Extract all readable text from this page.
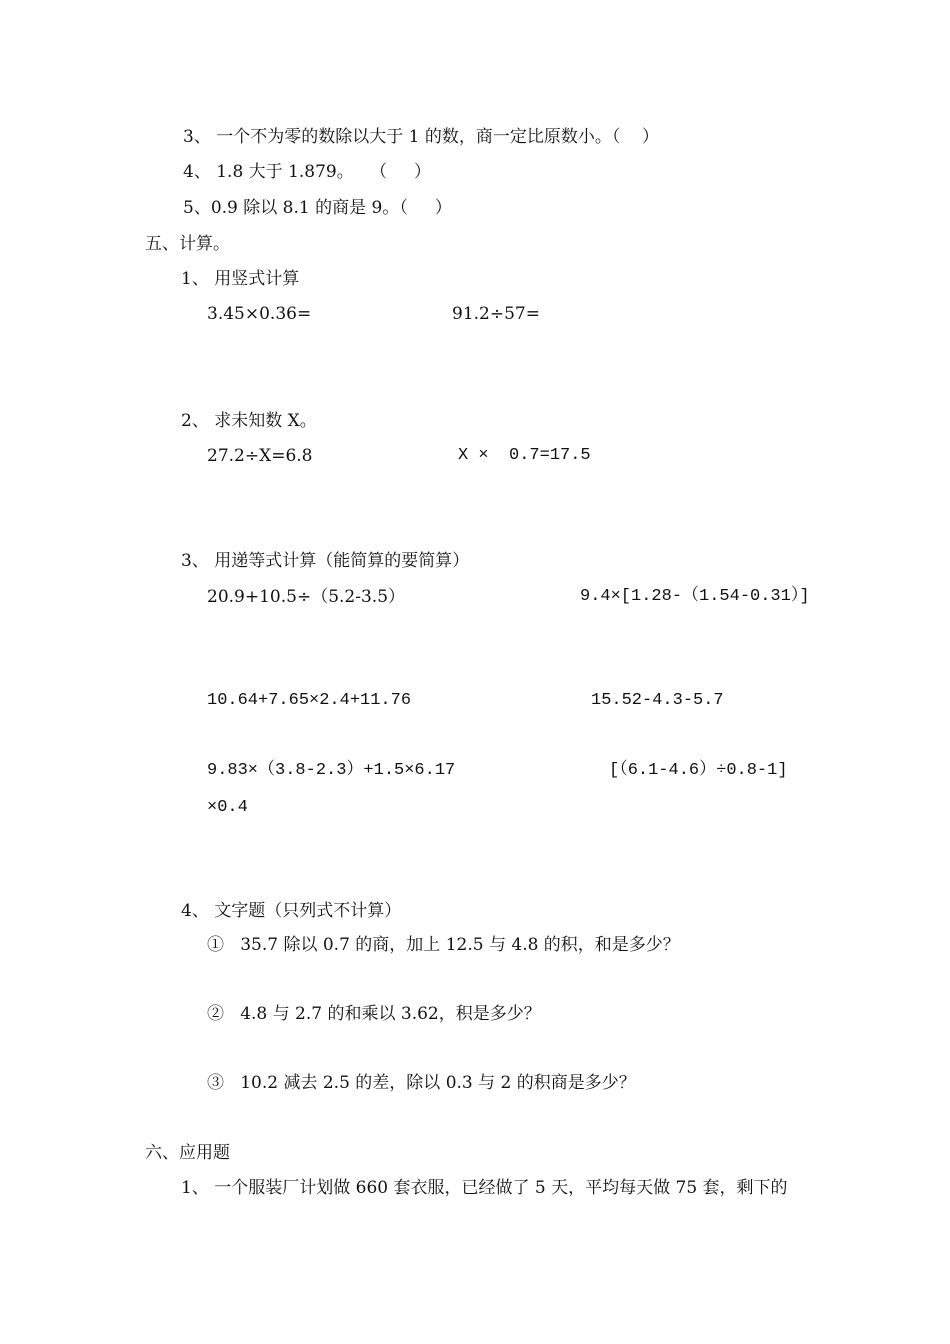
3、 一个不为零的数除以大于 1 的数，商一定比原数小。（    ）
4、 1.8 大于 1.879。   （     ）
5、0.9 除以 8.1 的商是 9。（     ）
五、计算。
1、 用竖式计算
3.45×0.36=	91.2÷57=
2、 求未知数 X。
27.2÷X=6.8	X ×  0.7=17.5
3、 用递等式计算（能简算的要简算）
20.9+10.5÷（5.2-3.5）	9.4×[1.28-（1.54-0.31）]
10.64+7.65×2.4+11.76	15.52-4.3-5.7
9.83×（3.8-2.3）+1.5×6.17	[（6.1-4.6）÷0.8-1]
×0.4
4、 文字题（只列式不计算）
①   35.7 除以 0.7 的商，加上 12.5 与 4.8 的积，和是多少？
②   4.8 与 2.7 的和乘以 3.62，积是多少？
③   10.2 减去 2.5 的差，除以 0.3 与 2 的积商是多少？
六、应用题
1、 一个服装厂计划做 660 套衣服，已经做了 5 天，平均每天做 75 套，剩下的
